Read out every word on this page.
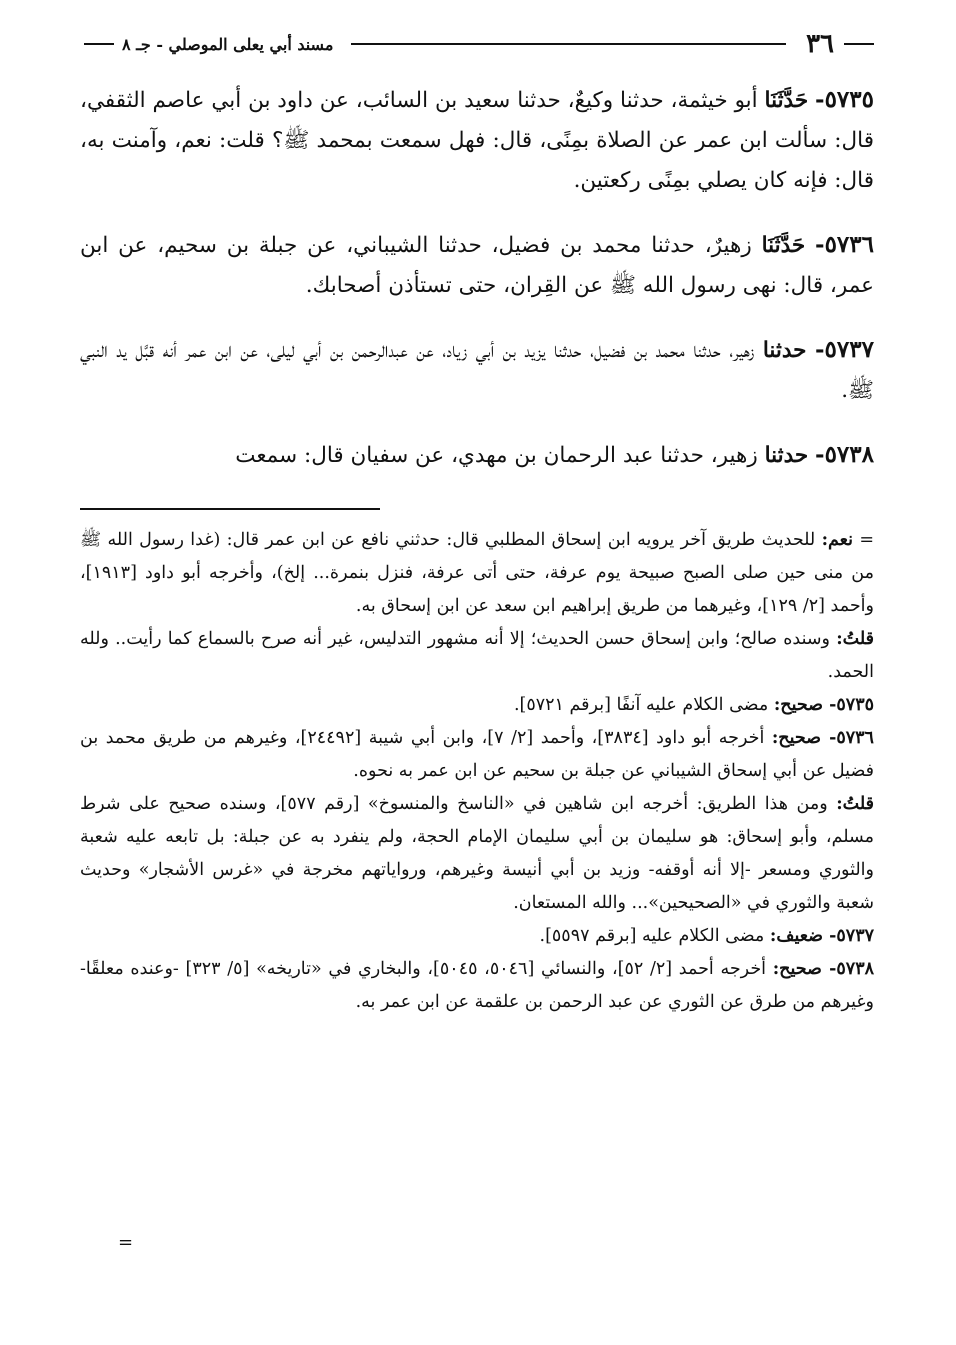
٣٦
مسند أبي يعلى الموصلي - جـ ٨

٥٧٣٥- حَدَّثَنَا أبو خيثمة، حدثنا وكيعٌ، حدثنا سعيد بن السائب، عن داود بن أبي عاصم الثقفي، قال: سألت ابن عمر عن الصلاة بمِنًى، قال: فهل سمعت بمحمد ﷺ؟ قلت: نعم، وآمنت به، قال: فإنه كان يصلي بمِنًى ركعتين.

٥٧٣٦- حَدَّثَنَا زهيرٌ، حدثنا محمد بن فضيل، حدثنا الشيباني، عن جبلة بن سحيم، عن ابن عمر، قال: نهى رسول الله ﷺ عن القِران، حتى تستأذن أصحابك.

٥٧٣٧- حدثنا زهير، حدثنا محمد بن فضيل، حدثنا يزيد بن أبي زياد، عن عبدالرحمن بن أبي ليلى، عن ابن عمر أنه قبَّل يد النبي ﷺ.

٥٧٣٨- حدثنا زهير، حدثنا عبد الرحمان بن مهدي، عن سفيان قال: سمعت

= نعم: للحديث طريق آخر يرويه ابن إسحاق المطلبي قال: حدثني نافع عن ابن عمر قال: (غدا رسول الله ﷺ من منى حين صلى الصبح صبيحة يوم عرفة، حتى أتى عرفة، فنزل بنمرة... إلخ)، وأخرجه أبو داود [١٩١٣]، وأحمد [٢/ ١٢٩]، وغيرهما من طريق إبراهيم ابن سعد عن ابن إسحاق به.

قلتُ: وسنده صالح؛ وابن إسحاق حسن الحديث؛ إلا أنه مشهور التدليس، غير أنه صرح بالسماع كما رأيت.. ولله الحمد.

٥٧٣٥- صحيح: مضى الكلام عليه آنفًا [برقم ٥٧٢١].

٥٧٣٦- صحيح: أخرجه أبو داود [٣٨٣٤]، وأحمد [٢/ ٧]، وابن أبي شيبة [٢٤٤٩٢]، وغيرهم من طريق محمد بن فضيل عن أبي إسحاق الشيباني عن جبلة بن سحيم عن ابن عمر به نحوه.

قلتُ: ومن هذا الطريق: أخرجه ابن شاهين في «الناسخ والمنسوخ» [رقم ٥٧٧]، وسنده صحيح على شرط مسلم، وأبو إسحاق: هو سليمان بن أبي سليمان الإمام الحجة، ولم ينفرد به عن جبلة: بل تابعه عليه شعبة والثوري ومسعر -إلا أنه أوقفه- وزيد بن أبي أنيسة وغيرهم، ورواياتهم مخرجة في «غرس الأشجار» وحديث شعبة والثوري في «الصحيحين»... والله المستعان.

٥٧٣٧- ضعيف: مضى الكلام عليه [برقم ٥٥٩٧].

٥٧٣٨- صحيح: أخرجه أحمد [٢/ ٥٢]، والنسائي [٥٠٤٦، ٥٠٤٥]، والبخاري في «تاريخه» [٥/ ٣٢٣] -وعنده معلقًا- وغيرهم من طرق عن الثوري عن عبد الرحمن بن علقمة عن ابن عمر به.

=
